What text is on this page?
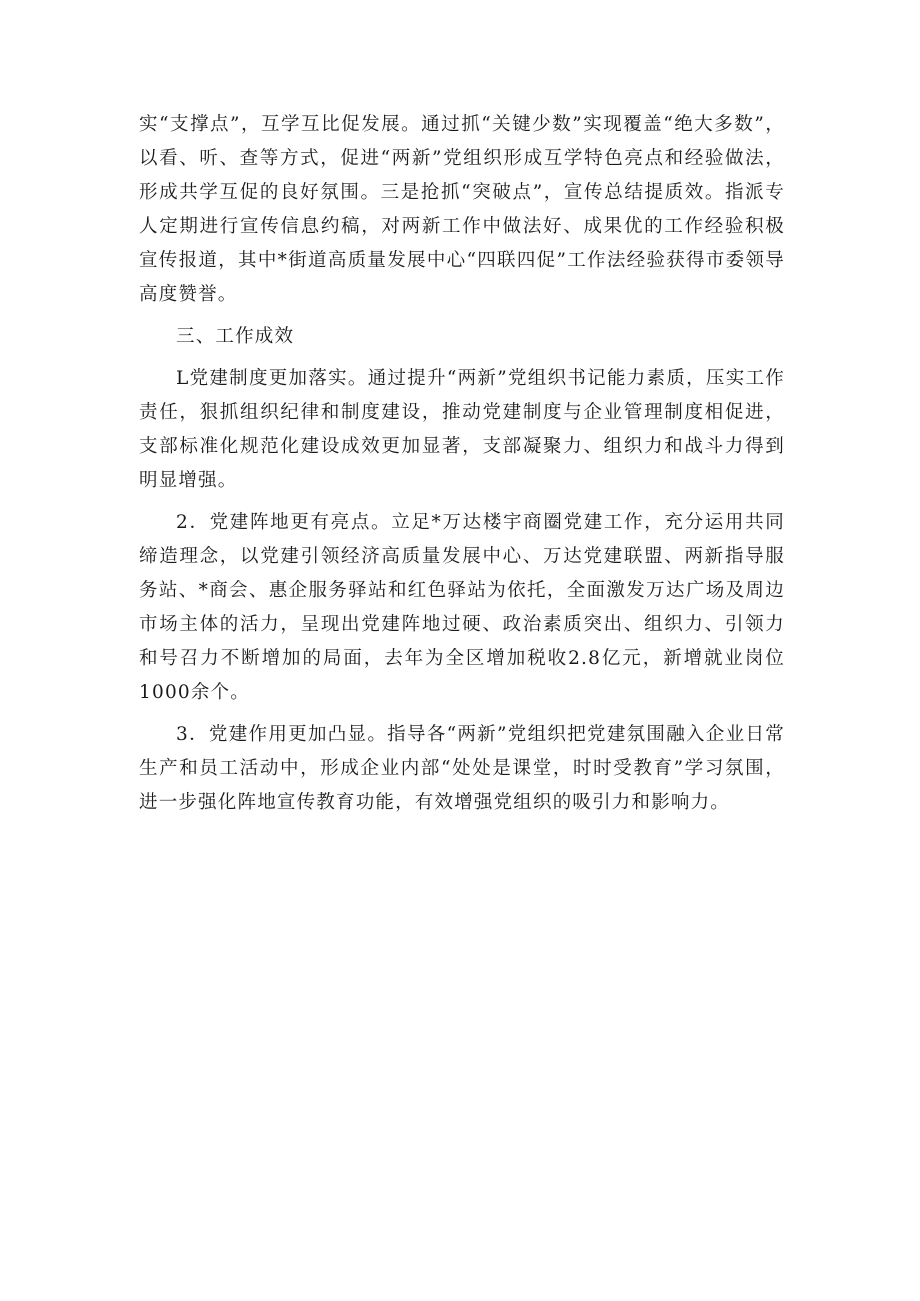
实“支撑点”，互学互比促发展。通过抓“关键少数”实现覆盖“绝大多数”，以看、听、查等方式，促进“两新”党组织形成互学特色亮点和经验做法，形成共学互促的良好氛围。三是抢抓“突破点”，宣传总结提质效。指派专人定期进行宣传信息约稿，对两新工作中做法好、成果优的工作经验积极宣传报道，其中*街道高质量发展中心“四联四促”工作法经验获得市委领导高度赞誉。

三、工作成效

L党建制度更加落实。通过提升“两新”党组织书记能力素质，压实工作责任，狠抓组织纪律和制度建设，推动党建制度与企业管理制度相促进，支部标准化规范化建设成效更加显著，支部凝聚力、组织力和战斗力得到明显增强。

2．党建阵地更有亮点。立足*万达楼宇商圈党建工作，充分运用共同缔造理念，以党建引领经济高质量发展中心、万达党建联盟、两新指导服务站、*商会、惠企服务驿站和红色驿站为依托，全面激发万达广场及周边市场主体的活力，呈现出党建阵地过硬、政治素质突出、组织力、引领力和号召力不断增加的局面，去年为全区增加税收2.8亿元，新增就业岗位1000余个。

3．党建作用更加凸显。指导各“两新”党组织把党建氛围融入企业日常生产和员工活动中，形成企业内部“处处是课堂，时时受教育”学习氛围，进一步强化阵地宣传教育功能，有效增强党组织的吸引力和影响力。
